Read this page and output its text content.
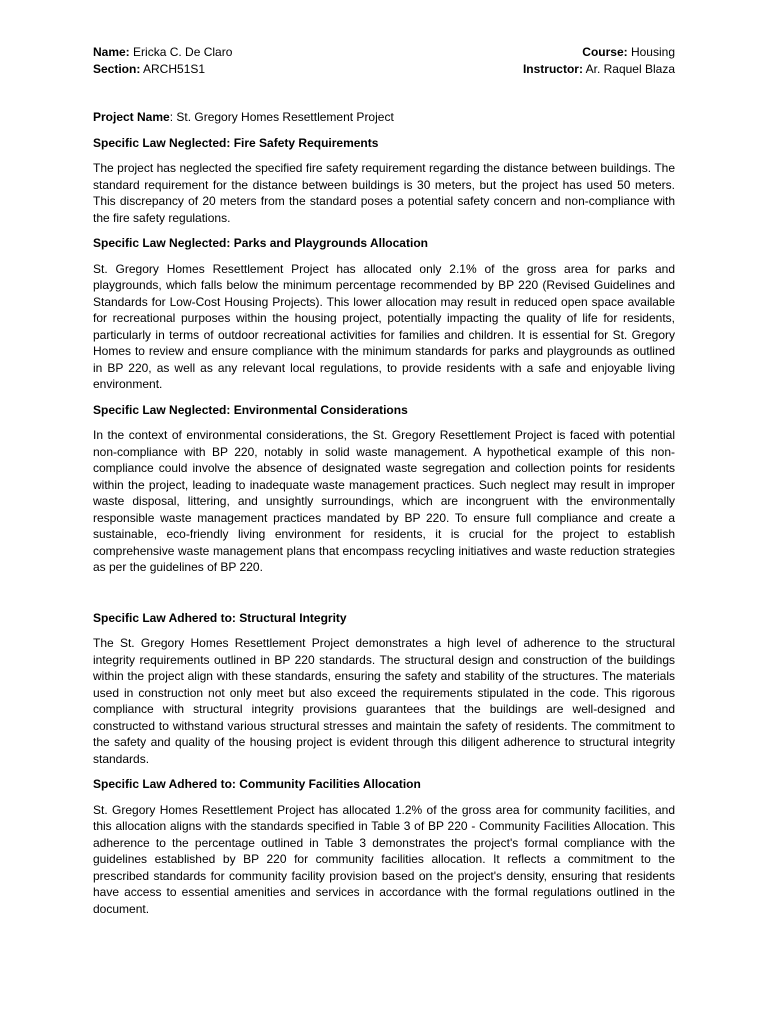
Name: Ericka C. De Claro
Section: ARCH51S1
Course: Housing
Instructor: Ar. Raquel Blaza
Project Name: St. Gregory Homes Resettlement Project
Specific Law Neglected: Fire Safety Requirements
The project has neglected the specified fire safety requirement regarding the distance between buildings. The standard requirement for the distance between buildings is 30 meters, but the project has used 50 meters. This discrepancy of 20 meters from the standard poses a potential safety concern and non-compliance with the fire safety regulations.
Specific Law Neglected: Parks and Playgrounds Allocation
St. Gregory Homes Resettlement Project has allocated only 2.1% of the gross area for parks and playgrounds, which falls below the minimum percentage recommended by BP 220 (Revised Guidelines and Standards for Low-Cost Housing Projects). This lower allocation may result in reduced open space available for recreational purposes within the housing project, potentially impacting the quality of life for residents, particularly in terms of outdoor recreational activities for families and children. It is essential for St. Gregory Homes to review and ensure compliance with the minimum standards for parks and playgrounds as outlined in BP 220, as well as any relevant local regulations, to provide residents with a safe and enjoyable living environment.
Specific Law Neglected: Environmental Considerations
In the context of environmental considerations, the St. Gregory Resettlement Project is faced with potential non-compliance with BP 220, notably in solid waste management. A hypothetical example of this non-compliance could involve the absence of designated waste segregation and collection points for residents within the project, leading to inadequate waste management practices. Such neglect may result in improper waste disposal, littering, and unsightly surroundings, which are incongruent with the environmentally responsible waste management practices mandated by BP 220. To ensure full compliance and create a sustainable, eco-friendly living environment for residents, it is crucial for the project to establish comprehensive waste management plans that encompass recycling initiatives and waste reduction strategies as per the guidelines of BP 220.
Specific Law Adhered to: Structural Integrity
The St. Gregory Homes Resettlement Project demonstrates a high level of adherence to the structural integrity requirements outlined in BP 220 standards. The structural design and construction of the buildings within the project align with these standards, ensuring the safety and stability of the structures. The materials used in construction not only meet but also exceed the requirements stipulated in the code. This rigorous compliance with structural integrity provisions guarantees that the buildings are well-designed and constructed to withstand various structural stresses and maintain the safety of residents. The commitment to the safety and quality of the housing project is evident through this diligent adherence to structural integrity standards.
Specific Law Adhered to: Community Facilities Allocation
St. Gregory Homes Resettlement Project has allocated 1.2% of the gross area for community facilities, and this allocation aligns with the standards specified in Table 3 of BP 220 - Community Facilities Allocation. This adherence to the percentage outlined in Table 3 demonstrates the project's formal compliance with the guidelines established by BP 220 for community facilities allocation. It reflects a commitment to the prescribed standards for community facility provision based on the project's density, ensuring that residents have access to essential amenities and services in accordance with the formal regulations outlined in the document.
